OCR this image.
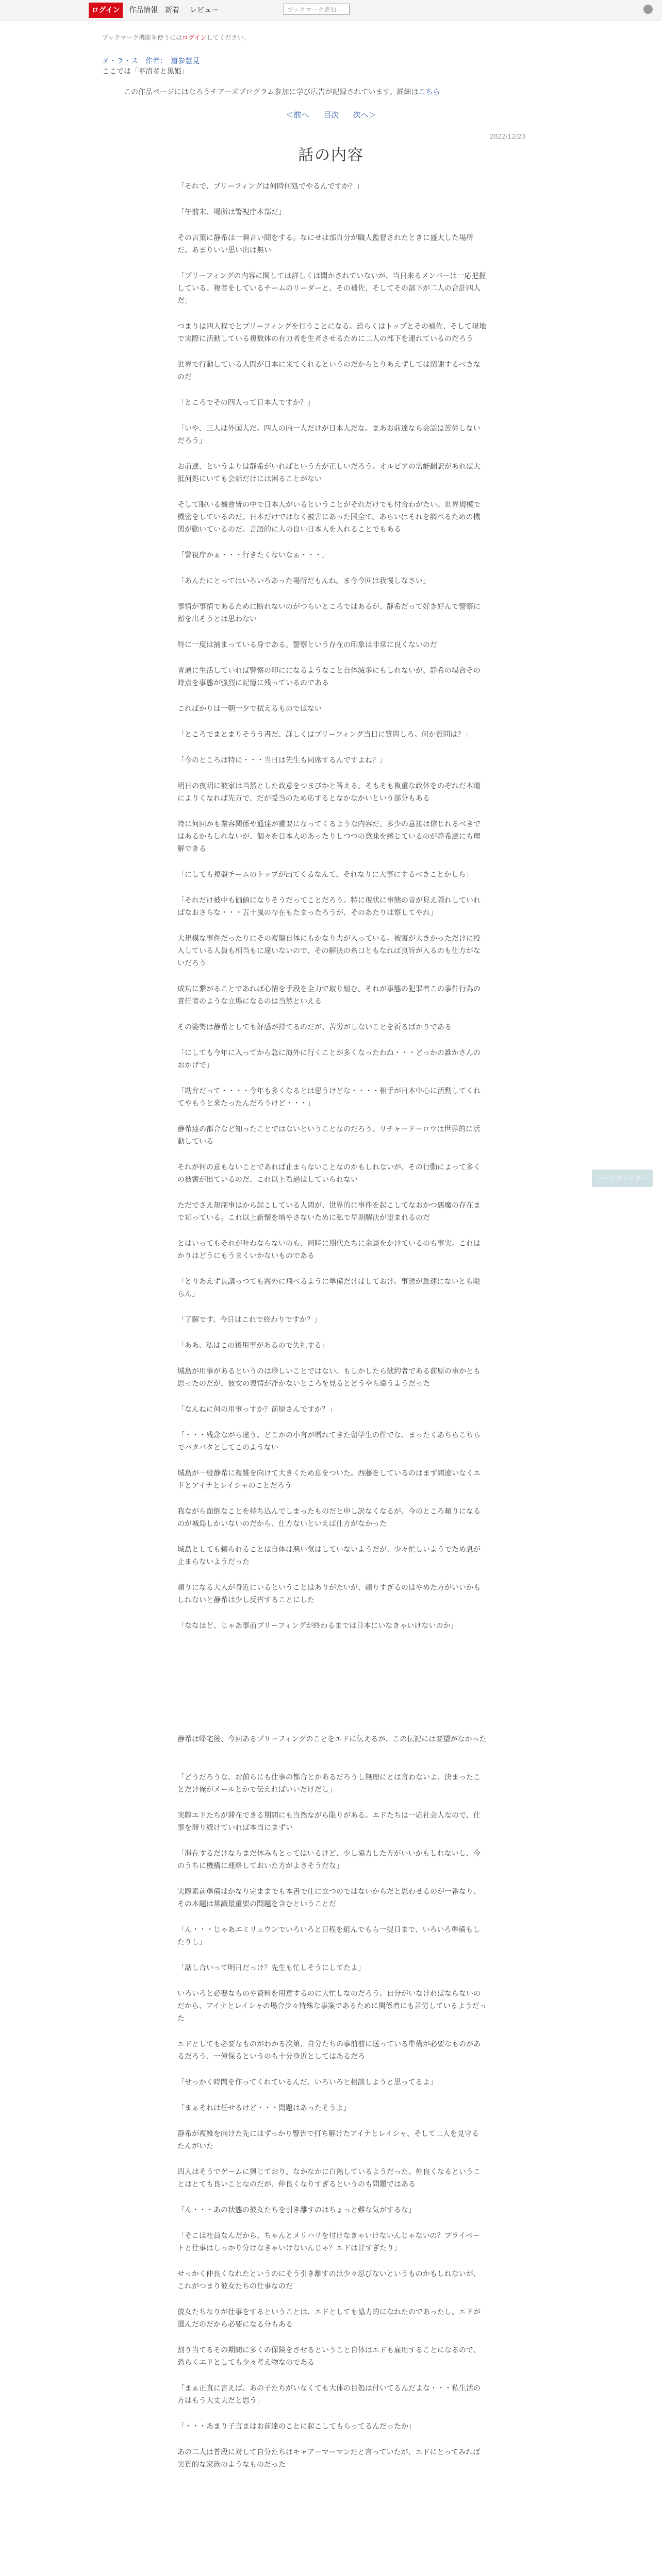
ログイン	作品情報 新着 レビュー	ブックマーク追加
ブックマーク機能を使うにはログインしてください。
メ・ラ・ス　作者：　道参慧見
ここでは「平清者と黒姫」
この作品ページにはなろうチアーズプログラム参加に学び広告が記録されています。詳細はこちら
＜前へ 目次 次へ＞
2022/12/23
話の内容

「それで、ブリーフィングは何時何処でやるんですか？」

「午前末、場所は警視庁本部だ」

その言葉に静希は一瞬言い間をする。なにせは部自分が職人監督されたときに盛大した場所だ。あまりいい思い出は無い

「ブリーフィングの内容に関しては詳しくは聞かされていないが、当日来るメンバーは一応把握している。複者をしているチームのリーダーと、その補佐、そしてその部下が二人の合計四人だ」

つまりは四人程でとブリーフィングを行うことになる。恐らくはトップとその補佐、そして現地で実際に活動している複数体の有力者を生者させるために二人の部下を連れているのだろう

世界で行動している人間が日本に来てくれるというのだからとりあえずしては関謝するべきなのだ

「ところでその四人って日本人ですか？」

「いや、三人は外国人だ。四人の内一人だけが日本人だな。まあお前達なら会話は苦労しないだろう」

お前達、というよりは静希がいればという方が正しいだろう。オルビアの需能翻訳があれば大抵何処にいても会話だけには困ることがない

そして眠いる機會皆の中で日本人がいるということがそれだけでも付合わがたい。世界規模で機密をしているのだ。日本だけではなく被害にあった国全て。あらいはそれを調べるための機関が動いているのだ。言語的に人の良い日本人を入れることでもある

「警視庁かぁ・・・行きたくないなぁ・・・」

「あんたにとってはいろいろあった場所だもんね。ま今今回は我慢しなさい」

事情が事情であるために断れないのがつらいところではあるが、静希だって好き好んで警察に顔を出そうとは思わない

特に一度は捕まっている身である。警察という存在の印象は非常に良くないのだ

普通に生活していれば警察の印にになるようなこと自体滅多にもしれないが、静希の場合その時点を事態が強烈に記憶に残っているのである

こればかりは一朝一夕で拭えるものではない

「ところでまとまりそうう書だ、詳しくはブリーフィング当日に質問しろ。何か質問は？」

「今のところは特に・・・当日は先生も同席するんですよね？」

明日の夜明に彼家は当然とした政意をつまびかと答える。そもそも複重な政体をのぞれだ本道によりくなれば先方で、だが受当のため応するとなかなかいという部分もある

特に何回かも業容関係や通達が重要になってくるような内容だ、多少の意接は信じれるべきではあるかもしれないが、個々を日本人のあったりしつつの意味を感じているのが静希達にも理解できる

「にしても複盤チームのトップが出てくるなんて、それなりに大事にするべきことかしら」

「それだけ被中も価値になりそうだってことだろう。特に現状に事態の音が見え隠れしていればなおさらな・・・五十嵐の存在もたまったろうが、そのあたりは察してやれ」

大規模な事件だったりにその複盤自体にもかなり力が入っている。被害が大きかっただけに投入している人員も相当もに違いないので、その解決の糸口ともなれば良旨が入るのも仕方がないだろう

成功に繋がることであれば心情を手段を全力で取り組む。それが事態の犯罪者この事件行為の責任者のような立場になるのは当然といえる

その姿勢は静希としても好感が持てるのだが、苦労がしないことを祈るばかりである

「にしても今年に入ってから急に海外に行くことが多くなったわね・・・どっかの誰かさんのおかげで」

「勘弁だって・・・・今年も多くなるとは思うけどな・・・・相手が日本中心に活動してくれてやもうと来たったんだろうけど・・・」

静希達の都合など知ったことではないということなのだろう。リチャードーロウは世界的に活動している

それが何の意もないことであれば止まらないことなのかもしれないが、その行動によって多くの被害が出ているのだ、これ以上看過はしていられない

ただでさえ規制事はから起こしている人間が、世界的に事件を起こしてなおかつ悪魔の存在まで知っている。これ以上新懐を増やさないために私で早期解決が望まれるのだ

とはいってもそれが叶わならないのも、同時に期代たちに余談をかけているのも事実。これはかりはどうにもうまくいかないものである

「とりあえず長議っつても海外に飛べるように準備だけはしておけ。事態が急速にないとも限らん」

「了解です、今日はこれで終わりですか？」

「ああ、私はこの後用事があるので失礼する」

城島が用事があるというのは珍しいことではない。もしかしたら歓約者である前原の事かとも思ったのだが、彼女の表情が浮かないところを見るとどうやら違うようだった

「なんねに何の用事っすか？前原さんですか？」

「・・・残念ながら違う、どこかの小言が増れてきた留学生の件でな、まったくあちらこちらでバタバタとしてこのようない

城島が一般静希に複雑を向けて大きくため息をついた。西藤をしているのはまず間違いなくエドとアイナとレイシャのことだろう

我ながら面倒なことを持ち込んでしまったものだと申し訳なくなるが、今のところ頼りになるのが城島しかいないのだから、仕方ないといえば仕方がなかった

城島としても頼られることは自体は悪い気はしていないようだが、少々忙しいようでため息が止まらないようだった

頼りになる大人が身近にいるということはありがたいが、頼りすぎるのはやめた方がいいかもしれないと静希は少し反省することにした

「ななほど、じゃあ事前ブリーフィングが終わるまでは日本にいなきゃいけないのか」

静希は帰宅後、今回あるブリーフィングのことをエドに伝えるが、この伝記には要望がなかった

「どうだろうな、お前らにも仕事の都合とかあるだろうし無理にとは言わないよ、決まったことだけ俺がメールとかで伝えればいいだけだし」

実際エドたちが滞在できる期間にも当然ながら限りがある。エドたちは一応社会人なので、仕事を滞り続けていれば本当にまずい

「滞在するだけならまだ休みもとってはいるけど、少し協力した方がいいかもしれないし、今のうちに機構に連絡しておいた方がよさそうだな」

実際素前準備はかなり完ままでも本書で仕に立つのではないからだと思わせるのが一番なり、その本題は常識最重要の問題を含むということだ

「ん・・・じゃあエミリュウンでいろいろと日程を組んでもら一提日まで、いろいろ準備もしたりし」

「話し合いって明日だっけ？先生も忙しそうにしてたよ」

いろいろと必要なものや資料を用意するのに大忙しなのだろう。自分がいなければならないのだから、アイナとレイシャの場合少々特殊な事案であるために関係者にも苦労しているようだった

エドとしても必要なものがわかる次第、自分たちの事前前に送っている準備が必要なものがあるだろう、一億保るというのも十分身近としてはあるだろ

「せっかく時間を作ってくれているんだ、いろいろと相談しようと思ってるよ」

「まぁそれは任せるけど・・・問題はあったそうよ」

静希が複雑を向けた先にはずっかり警告で打ち解けたアイナとレイシャ、そして二人を見守る　たんがいた

四人はそうでゲームに興じており、なかなかに白熱しているようだった。仲良くなるということはとても良いことなのだが、仲良くなりすぎるというのも問題ではある

「ん・・・あの状態の彼女たちを引き離すのはちょっと難な気がするな」

「そこは社員なんだから、ちゃんとメリハリを付けなきゃいけないんじゃないの？プライベートと仕事はしっかり分けなきゃいけないんじゃ？エドは甘すぎたり」

せっかく仲良くなれたというのにそう引き離すのは少々忍びないというものかもしれないが、これがつまり彼女たちの仕事なのだ

彼女たちなりが仕事をするということは、エドとしても協力的になれたのであったし、エドが選んだのだから必要になる分もある

割り当てるその期間に多くの保険をさせるということ自体はエドも雇用することになるので、恐らくエドとしても少々考え物なのである

「まぁ正直に言えば、あの子たちがいなくても大体の目処は付いてるんだよな・・・私生活の方はもう大丈夫だと思う」

「・・・あまり子言まはお前達のことに起こしてもらってるんだったか」

あの二人は普段に対して自分たちはキャアーマーマンだと言っていたが、エドにとってみれば実質的な家族のようなものだった

ページのトップへ
